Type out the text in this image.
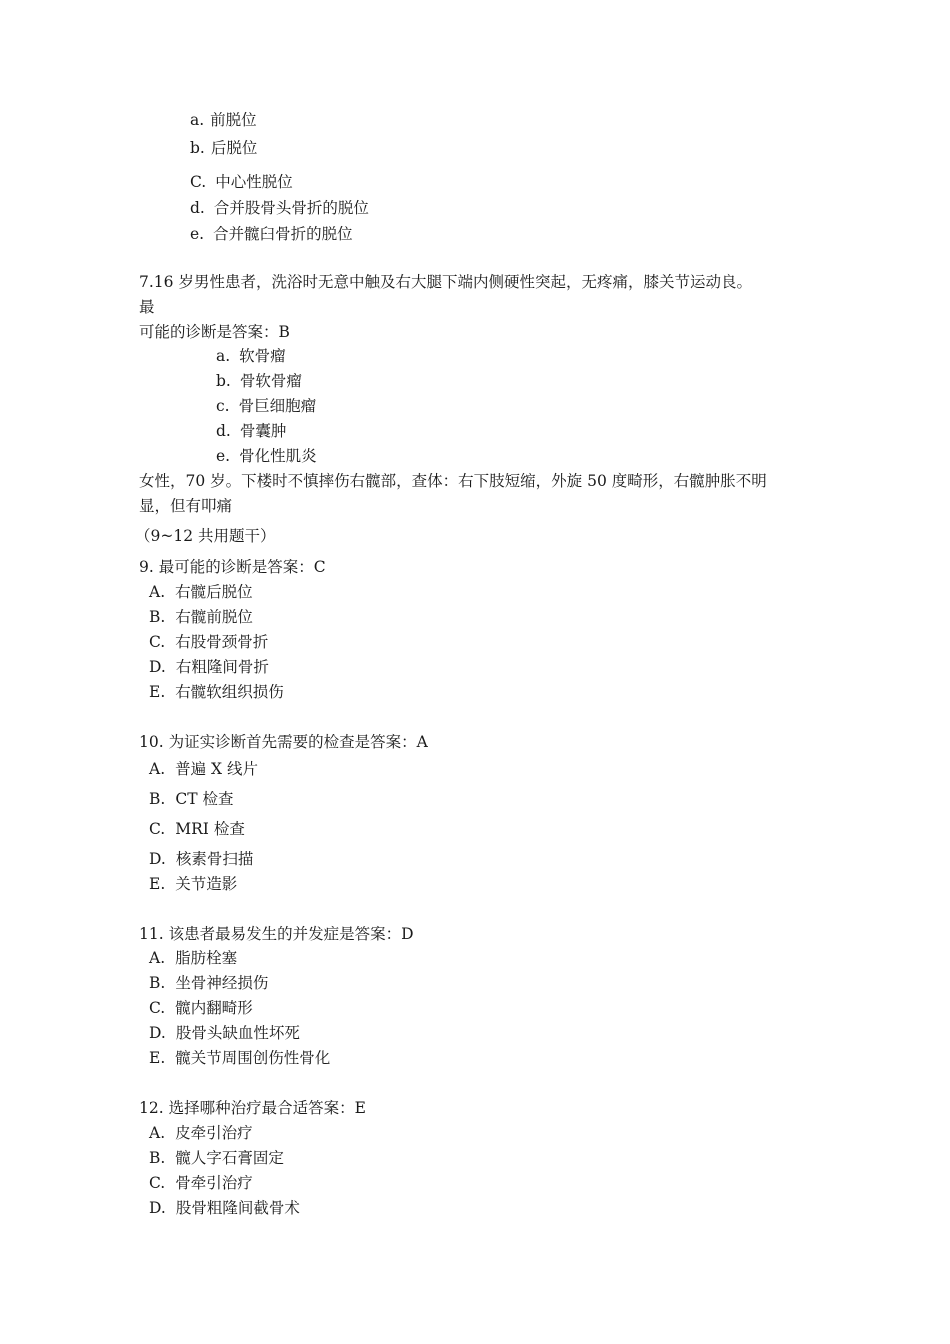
a. 前脱位
b. 后脱位
C. 中心性脱位
d. 合并股骨头骨折的脱位
e. 合并髋臼骨折的脱位
7.16 岁男性患者，洗浴时无意中触及右大腿下端内侧硬性突起，无疼痛，膝关节运动良。
最
可能的诊断是答案：B
a. 软骨瘤
b. 骨软骨瘤
c. 骨巨细胞瘤
d. 骨囊肿
e. 骨化性肌炎
女性，70 岁。下楼时不慎摔伤右髋部，查体：右下肢短缩，外旋 50 度畸形，右髋肿胀不明
显，但有叩痛
（9~12 共用题干）
9. 最可能的诊断是答案：C
A. 右髋后脱位
B. 右髋前脱位
C. 右股骨颈骨折
D. 右粗隆间骨折
E. 右髋软组织损伤
10. 为证实诊断首先需要的检查是答案：A
A. 普遍 X 线片
B. CT 检查
C. MRI 检查
D. 核素骨扫描
E. 关节造影
11. 该患者最易发生的并发症是答案：D
A. 脂肪栓塞
B. 坐骨神经损伤
C. 髋内翻畸形
D. 股骨头缺血性坏死
E. 髋关节周围创伤性骨化
12. 选择哪种治疗最合适答案：E
A. 皮牵引治疗
B. 髋人字石膏固定
C. 骨牵引治疗
D. 股骨粗隆间截骨术
